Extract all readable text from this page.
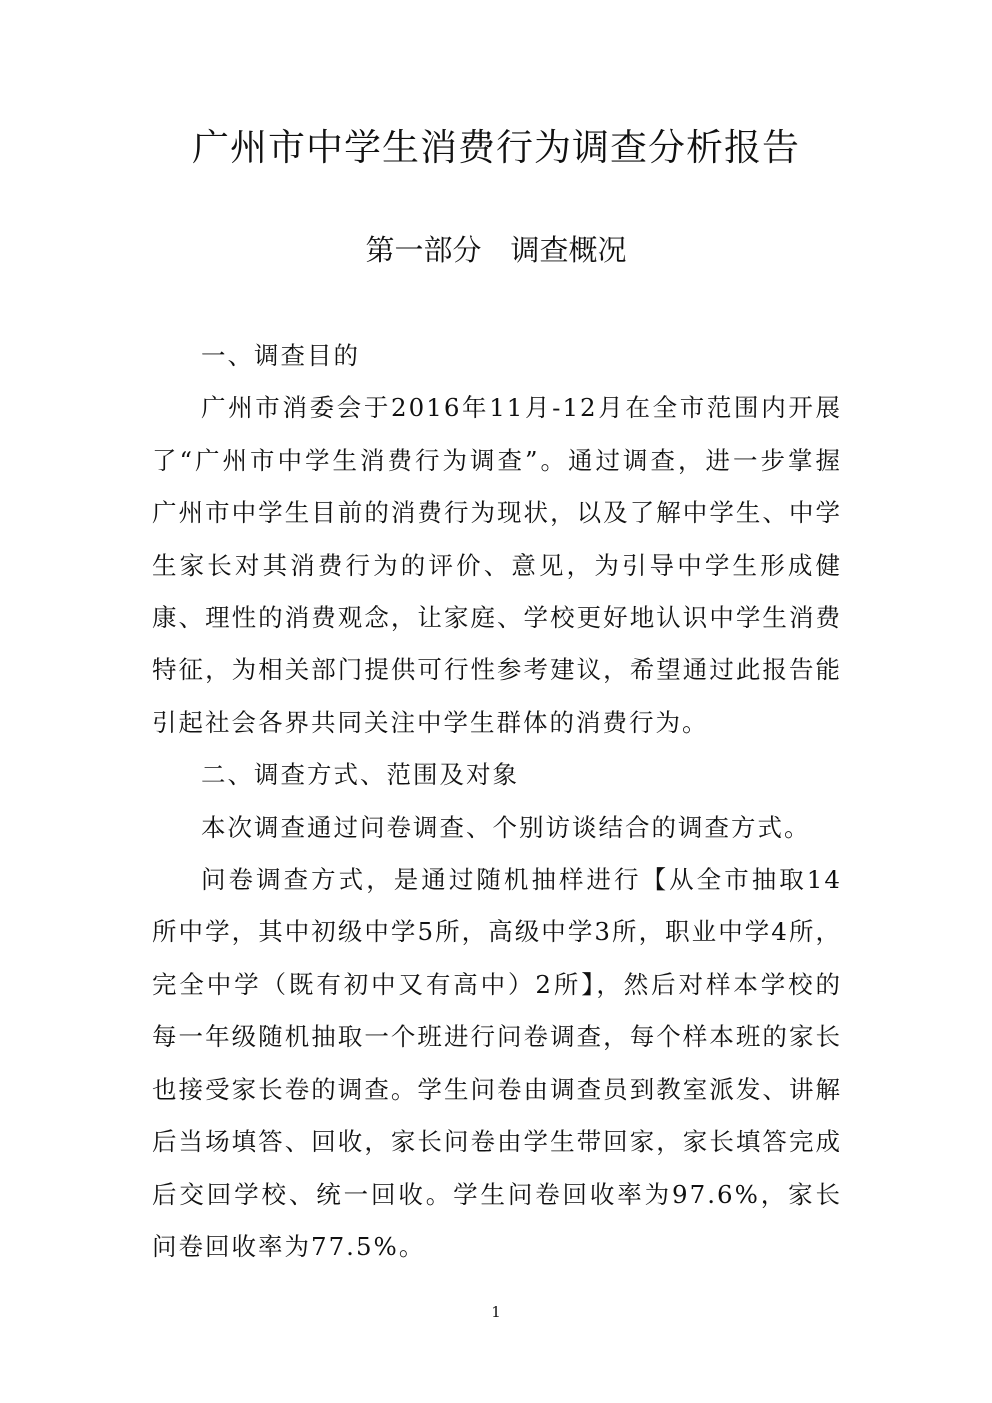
广州市中学生消费行为调查分析报告
第一部分　调查概况

一、调查目的

广州市消委会于2016年11月-12月在全市范围内开展了“广州市中学生消费行为调查”。通过调查，进一步掌握广州市中学生目前的消费行为现状，以及了解中学生、中学生家长对其消费行为的评价、意见，为引导中学生形成健康、理性的消费观念，让家庭、学校更好地认识中学生消费特征，为相关部门提供可行性参考建议，希望通过此报告能引起社会各界共同关注中学生群体的消费行为。

二、调查方式、范围及对象

本次调查通过问卷调查、个别访谈结合的调查方式。

问卷调查方式，是通过随机抽样进行【从全市抽取14所中学，其中初级中学5所，高级中学3所，职业中学4所，完全中学（既有初中又有高中）2所】，然后对样本学校的每一年级随机抽取一个班进行问卷调查，每个样本班的家长也接受家长卷的调查。学生问卷由调查员到教室派发、讲解后当场填答、回收，家长问卷由学生带回家，家长填答完成后交回学校、统一回收。学生问卷回收率为97.6%，家长问卷回收率为77.5%。

1
